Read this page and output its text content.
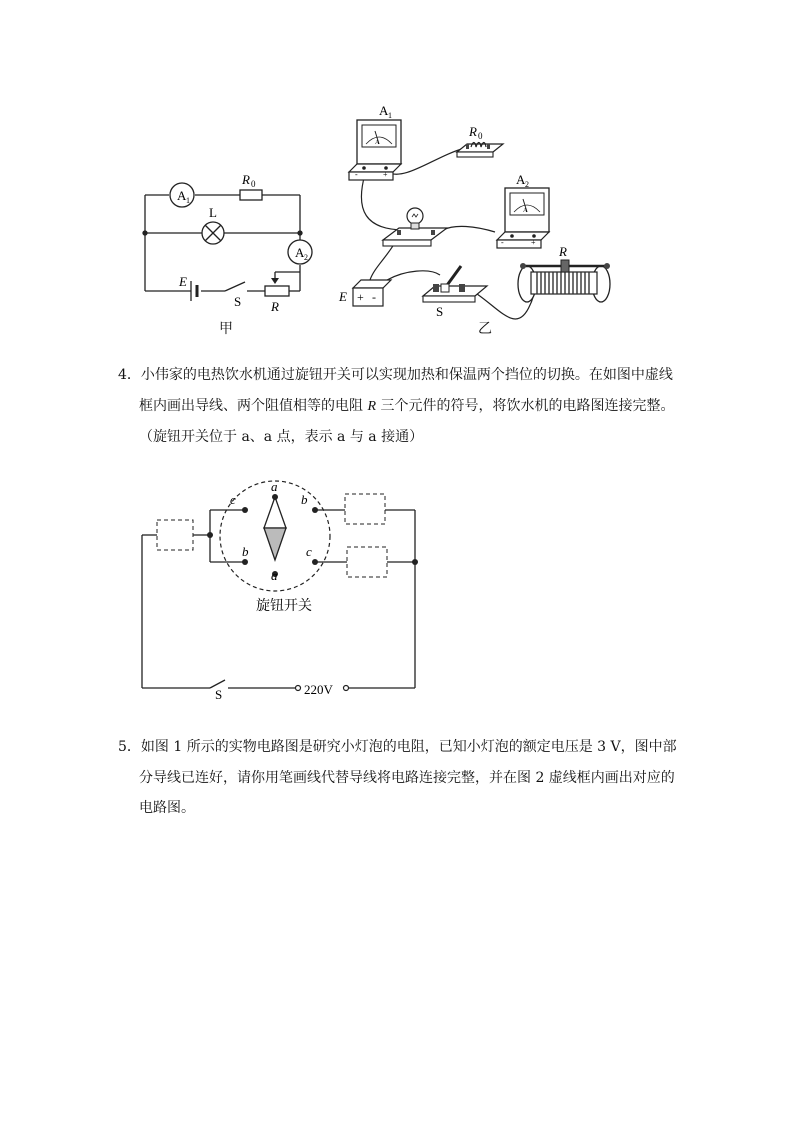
A 1
R 0
L
A 2
E
S R
甲
A
-	+
A 1
R 0
A
-	+
A 2
+ -
E
S
R
乙

4．小伟家的电热饮水机通过旋钮开关可以实现加热和保温两个挡位的切换。在如图中虚线

框内画出导线、两个阻值相等的电阻 R 三个元件的符号，将饮水机的电路图连接完整。

（旋钮开关位于 a、a 点，表示 a 与 a 接通）

a
a
c
b
b
c
旋钮开关
S	220V

5．如图 1 所示的实物电路图是研究小灯泡的电阻，已知小灯泡的额定电压是 3 V，图中部

分导线已连好，请你用笔画线代替导线将电路连接完整，并在图 2 虚线框内画出对应的

电路图。
